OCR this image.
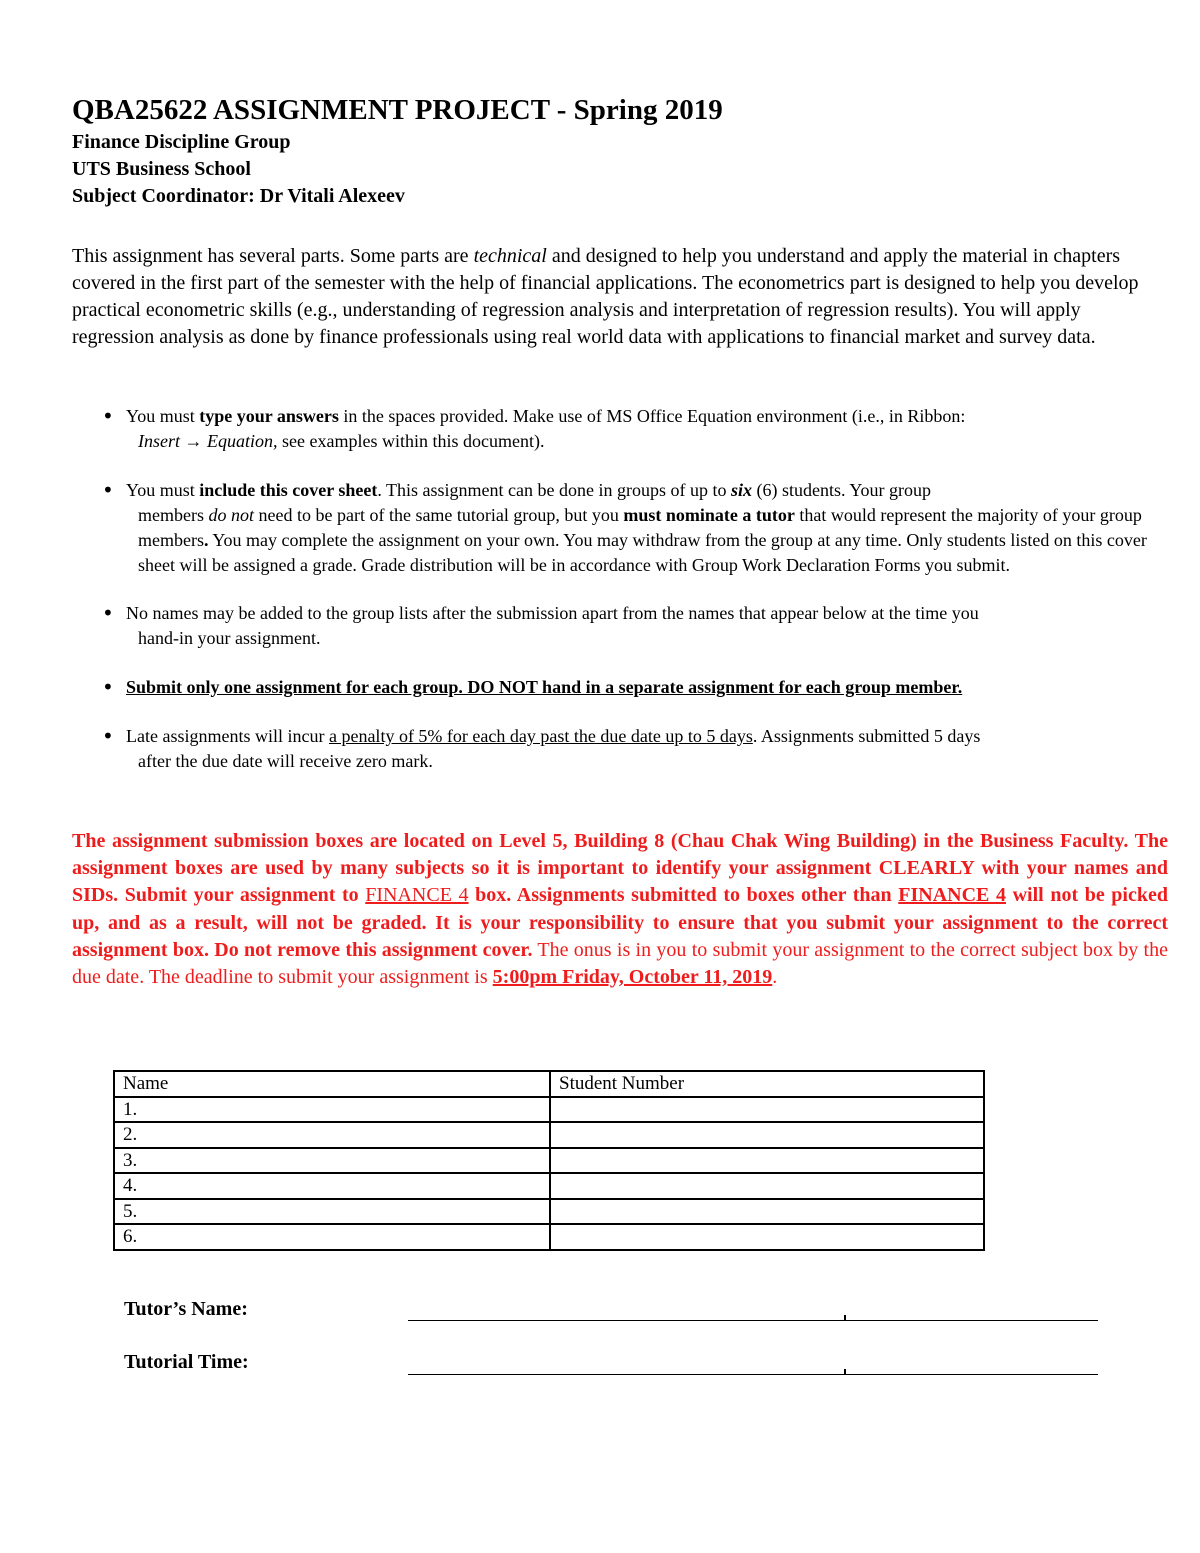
QBA25622 ASSIGNMENT PROJECT - Spring 2019

Finance Discipline Group

UTS Business School

Subject Coordinator: Dr Vitali Alexeev

This assignment has several parts. Some parts are technical and designed to help you understand and apply the material in chapters covered in the first part of the semester with the help of financial applications. The econometrics part is designed to help you develop practical econometric skills (e.g., understanding of regression analysis and interpretation of regression results). You will apply regression analysis as done by finance professionals using real world data with applications to financial market and survey data.

• You must type your answers in the spaces provided. Make use of MS Office Equation environment (i.e., in Ribbon:
Insert → Equation, see examples within this document).
• You must include this cover sheet. This assignment can be done in groups of up to six (6) students. Your group
members do not need to be part of the same tutorial group, but you must nominate a tutor that would represent the majority of your group members. You may complete the assignment on your own. You may withdraw from the group at any time. Only students listed on this cover sheet will be assigned a grade. Grade distribution will be in accordance with Group Work Declaration Forms you submit.
• No names may be added to the group lists after the submission apart from the names that appear below at the time you
hand-in your assignment.
• Submit only one assignment for each group. DO NOT hand in a separate assignment for each group member.
• Late assignments will incur a penalty of 5% for each day past the due date up to 5 days. Assignments submitted 5 days
after the due date will receive zero mark.

The assignment submission boxes are located on Level 5, Building 8 (Chau Chak Wing Building) in the Business Faculty. The assignment boxes are used by many subjects so it is important to identify your assignment CLEARLY with your names and SIDs. Submit your assignment to FINANCE 4 box. Assignments submitted to boxes other than FINANCE 4 will not be picked up, and as a result, will not be graded. It is your responsibility to ensure that you submit your assignment to the correct assignment box. Do not remove this assignment cover. The onus is in you to submit your assignment to the correct subject box by the due date. The deadline to submit your assignment is 5:00pm Friday, October 11, 2019.

Name	Student Number
1.	
2.	
3.	
4.	
5.	
6.	

Tutor’s Name:

Tutorial Time:
